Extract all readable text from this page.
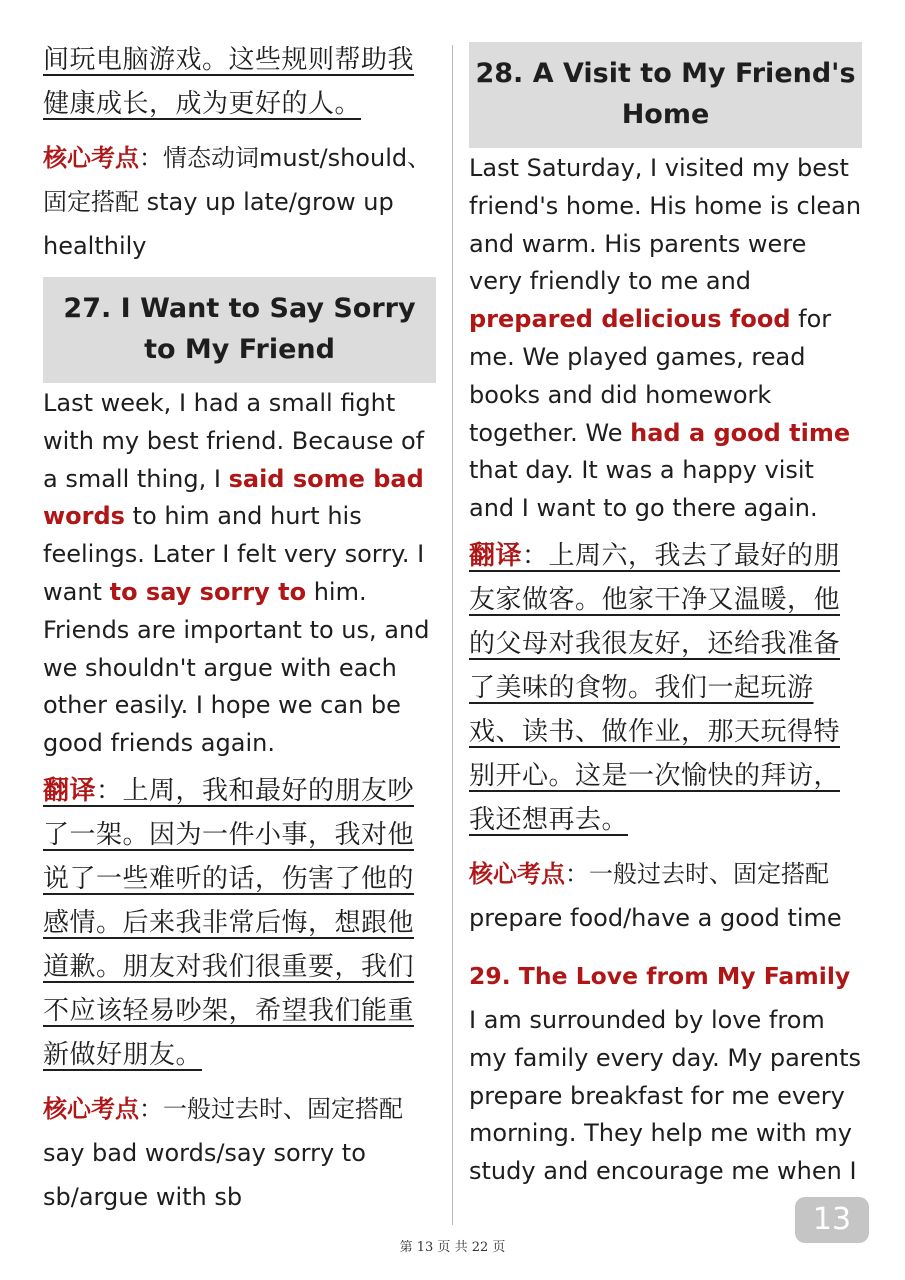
间玩电脑游戏。这些规则帮助我健康成长，成为更好的人。
核心考点：情态动词must/should、固定搭配 stay up late/grow up healthily
27. I Want to Say Sorry to My Friend
Last week, I had a small fight with my best friend. Because of a small thing, I said some bad words to him and hurt his feelings. Later I felt very sorry. I want to say sorry to him. Friends are important to us, and we shouldn't argue with each other easily. I hope we can be good friends again.
翻译：上周，我和最好的朋友吵了一架。因为一件小事，我对他说了一些难听的话，伤害了他的感情。后来我非常后悔，想跟他道歉。朋友对我们很重要，我们不应该轻易吵架，希望我们能重新做好朋友。
核心考点：一般过去时、固定搭配 say bad words/say sorry to sb/argue with sb
28. A Visit to My Friend's Home
Last Saturday, I visited my best friend's home. His home is clean and warm. His parents were very friendly to me and prepared delicious food for me. We played games, read books and did homework together. We had a good time that day. It was a happy visit and I want to go there again.
翻译：上周六，我去了最好的朋友家做客。他家干净又温暖，他的父母对我很友好，还给我准备了美味的食物。我们一起玩游戏、读书、做作业，那天玩得特别开心。这是一次愉快的拜访，我还想再去。
核心考点：一般过去时、固定搭配 prepare food/have a good time
29. The Love from My Family
I am surrounded by love from my family every day. My parents prepare breakfast for me every morning. They help me with my study and encourage me when I
13
第 13 页 共 22 页
